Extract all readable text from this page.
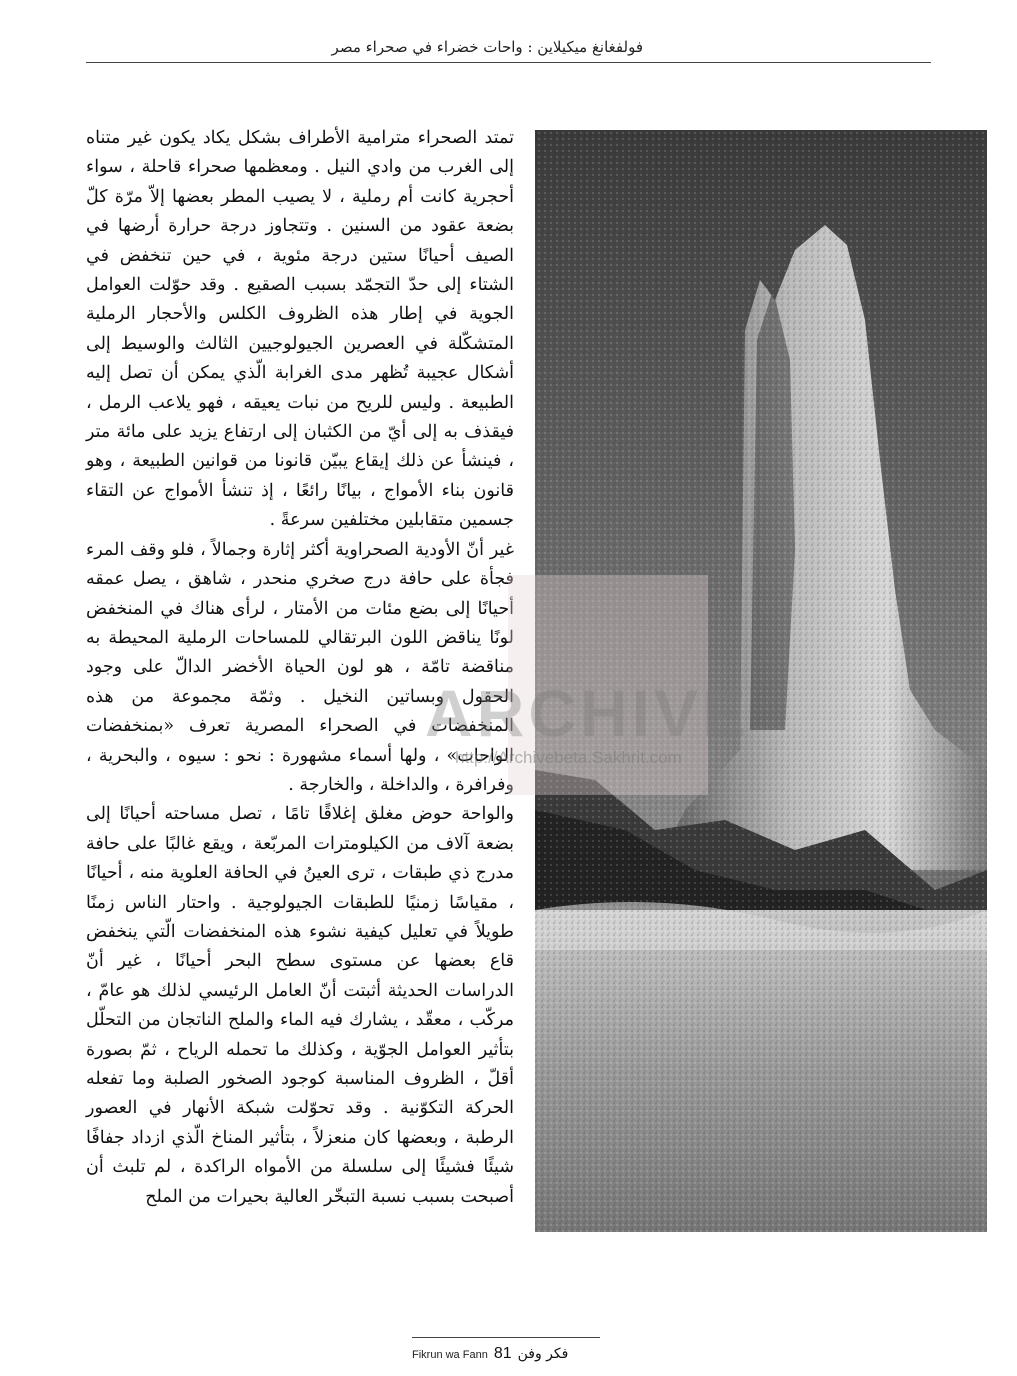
فولفغانغ ميكيلاين : واحات خضراء في صحراء مصر

تمتد الصحراء مترامية الأطراف بشكل يكاد يكون غير متناه إلى الغرب من وادي النيل . ومعظمها صحراء قاحلة ، سواء أحجرية كانت أم رملية ، لا يصيب المطر بعضها إلاّ مرّة كلّ بضعة عقود من السنين . وتتجاوز درجة حرارة أرضها في الصيف أحيانًا ستين درجة مئوية ، في حين تنخفض في الشتاء إلى حدّ التجمّد بسبب الصقيع . وقد حوّلت العوامل الجوية في إطار هذه الظروف الكلس والأحجار الرملية المتشكّلة في العصرين الجيولوجيين الثالث والوسيط إلى أشكال عجيبة تُظهر مدى الغرابة الّذي يمكن أن تصل إليه الطبيعة . وليس للريح من نبات يعيقه ، فهو يلاعب الرمل ، فيقذف به إلى أيّ من الكثبان إلى ارتفاع يزيد على مائة متر ، فينشأ عن ذلك إيقاع يبيّن قانونا من قوانين الطبيعة ، وهو قانون بناء الأمواج ، بيانًا رائعًا ، إذ تنشأ الأمواج عن التقاء جسمين متقابلين مختلفين سرعةً .

غير أنّ الأودية الصحراوية أكثر إثارة وجمالاً ، فلو وقف المرء فجأة على حافة درج صخري منحدر ، شاهق ، يصل عمقه أحيانًا إلى بضع مئات من الأمتار ، لرأى هناك في المنخفض لونًا يناقض اللون البرتقالي للمساحات الرملية المحيطة به مناقضة تامّة ، هو لون الحياة الأخضر الدالّ على وجود الحقول وبساتين النخيل . وثمّة مجموعة من هذه المنخفضات في الصحراء المصرية تعرف «بمنخفضات الواحات» ، ولها أسماء مشهورة : نحو : سيوه ، والبحرية ، وفرافرة ، والداخلة ، والخارجة .

والواحة حوض مغلق إغلاقًا تامًا ، تصل مساحته أحيانًا إلى بضعة آلاف من الكيلومترات المربّعة ، ويقع غالبًا على حافة مدرج ذي طبقات ، ترى العينُ في الحافة العلوية منه ، أحيانًا ، مقياسًا زمنيًا للطبقات الجيولوجية . واحتار الناس زمنًا طويلاً في تعليل كيفية نشوء هذه المنخفضات الّتي ينخفض قاع بعضها عن مستوى سطح البحر أحيانًا ، غير أنّ الدراسات الحديثة أثبتت أنّ العامل الرئيسي لذلك هو عامّ ، مركّب ، معقّد ، يشارك فيه الماء والملح الناتجان من التحلّل بتأثير العوامل الجوّية ، وكذلك ما تحمله الرياح ، ثمّ بصورة أقلّ ، الظروف المناسبة كوجود الصخور الصلبة وما تفعله الحركة التكوّنية . وقد تحوّلت شبكة الأنهار في العصور الرطبة ، وبعضها كان منعزلاً ، بتأثير المناخ الّذي ازداد جفافًا شيئًا فشيئًا إلى سلسلة من الأمواه الراكدة ، لم تلبث أن أصبحت بسبب نسبة التبخّر العالية بحيرات من الملح

ARCHIVE
http://Archivebeta.Sakhrit.com
Fikrun wa Fann 81 فكر وفن
